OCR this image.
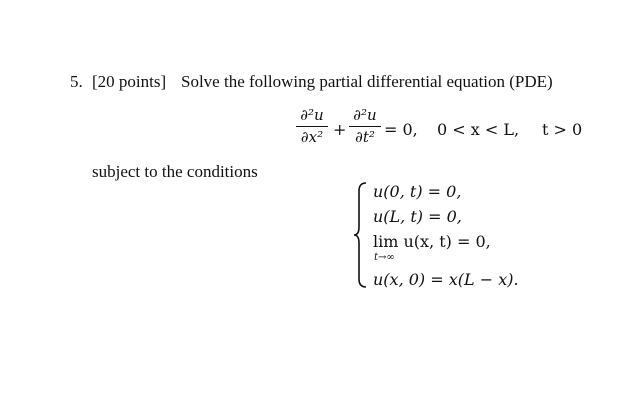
5. [20 points] Solve the following partial differential equation (PDE)
∂²u
∂x² +
∂²u
∂t² = 0, 0 < x < L, t > 0
subject to the conditions
u(0, t) = 0,
u(L, t) = 0,
lim u(x, t) = 0,
t→∞
u(x, 0) = x(L − x).
